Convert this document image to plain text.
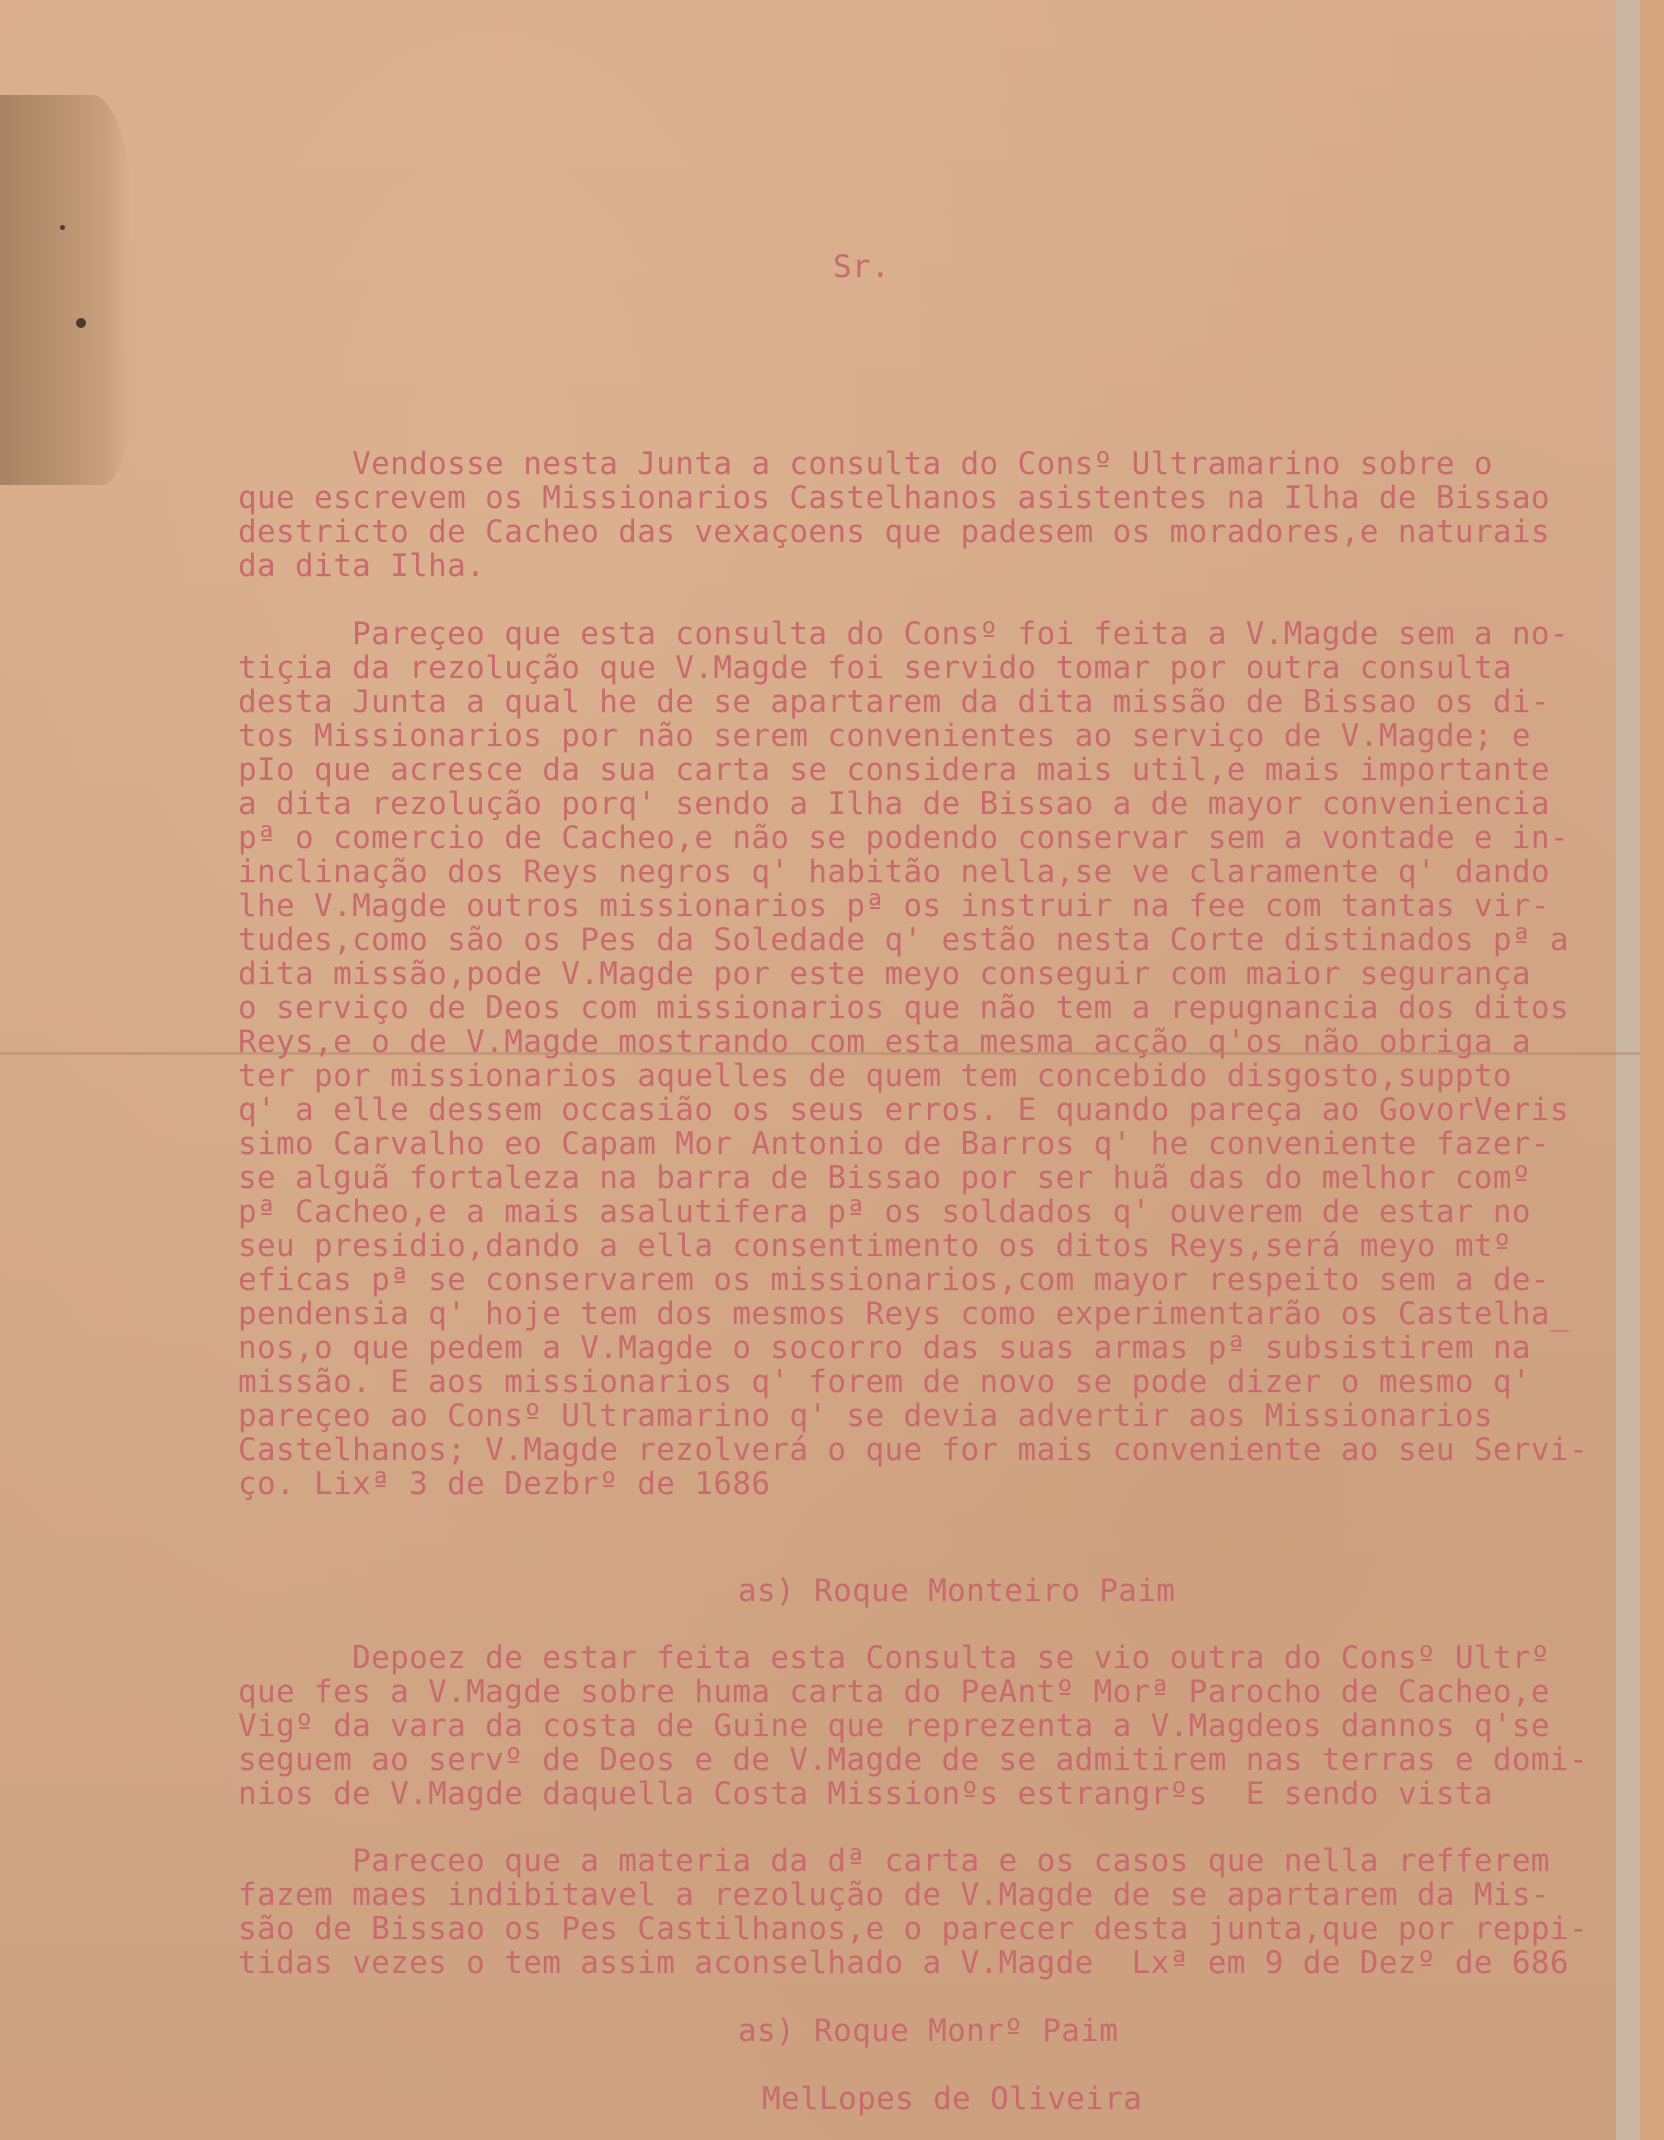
Sr.
Vendosse nesta Junta a consulta do Consº Ultramarino sobre o
que escrevem os Missionarios Castelhanos asistentes na Ilha de Bissao
destricto de Cacheo das vexaçoens que padesem os moradores,e naturais
da dita Ilha.
Pareçeo que esta consulta do Consº foi feita a V.Magde sem a no-
tiçia da rezolução que V.Magde foi servido tomar por outra consulta
desta Junta a qual he de se apartarem da dita missão de Bissao os di-
tos Missionarios por não serem convenientes ao serviço de V.Magde; e
pIo que acresce da sua carta se considera mais util,e mais importante
a dita rezolução porq' sendo a Ilha de Bissao a de mayor conveniencia
pª o comercio de Cacheo,e não se podendo conservar sem a vontade e in-
inclinação dos Reys negros q' habitão nella,se ve claramente q' dando
lhe V.Magde outros missionarios pª os instruir na fee com tantas vir-
tudes,como são os Pes da Soledade q' estão nesta Corte distinados pª a
dita missão,pode V.Magde por este meyo conseguir com maior segurança
o serviço de Deos com missionarios que não tem a repugnancia dos ditos
Reys,e o de V.Magde mostrando com esta mesma acção q'os não obriga a
ter por missionarios aquelles de quem tem concebido disgosto,suppto
q' a elle dessem occasião os seus erros. E quando pareça ao GovorVeris
simo Carvalho eo Capam Mor Antonio de Barros q' he conveniente fazer-
se alguã fortaleza na barra de Bissao por ser huã das do melhor comº
pª Cacheo,e a mais asalutifera pª os soldados q' ouverem de estar no
seu presidio,dando a ella consentimento os ditos Reys,será meyo mtº
eficas pª se conservarem os missionarios,com mayor respeito sem a de-
pendensia q' hoje tem dos mesmos Reys como experimentarão os Castelha_
nos,o que pedem a V.Magde o socorro das suas armas pª subsistirem na
missão. E aos missionarios q' forem de novo se pode dizer o mesmo q'
pareçeo ao Consº Ultramarino q' se devia advertir aos Missionarios
Castelhanos; V.Magde rezolverá o que for mais conveniente ao seu Servi-
ço. Lixª 3 de Dezbrº de 1686
as) Roque Monteiro Paim
Depoez de estar feita esta Consulta se vio outra do Consº Ultrº
que fes a V.Magde sobre huma carta do PeAntº Morª Parocho de Cacheo,e
Vigº da vara da costa de Guine que reprezenta a V.Magdeos dannos q'se
seguem ao servº de Deos e de V.Magde de se admitirem nas terras e domi-
nios de V.Magde daquella Costa Missionºs estrangrºs  E sendo vista
Pareceo que a materia da dª carta e os casos que nella refferem
fazem maes indibitavel a rezolução de V.Magde de se apartarem da Mis-
são de Bissao os Pes Castilhanos,e o parecer desta junta,que por reppi-
tidas vezes o tem assim aconselhado a V.Magde  Lxª em 9 de Dezº de 686
as) Roque Monrº Paim
MelLopes de Oliveira
